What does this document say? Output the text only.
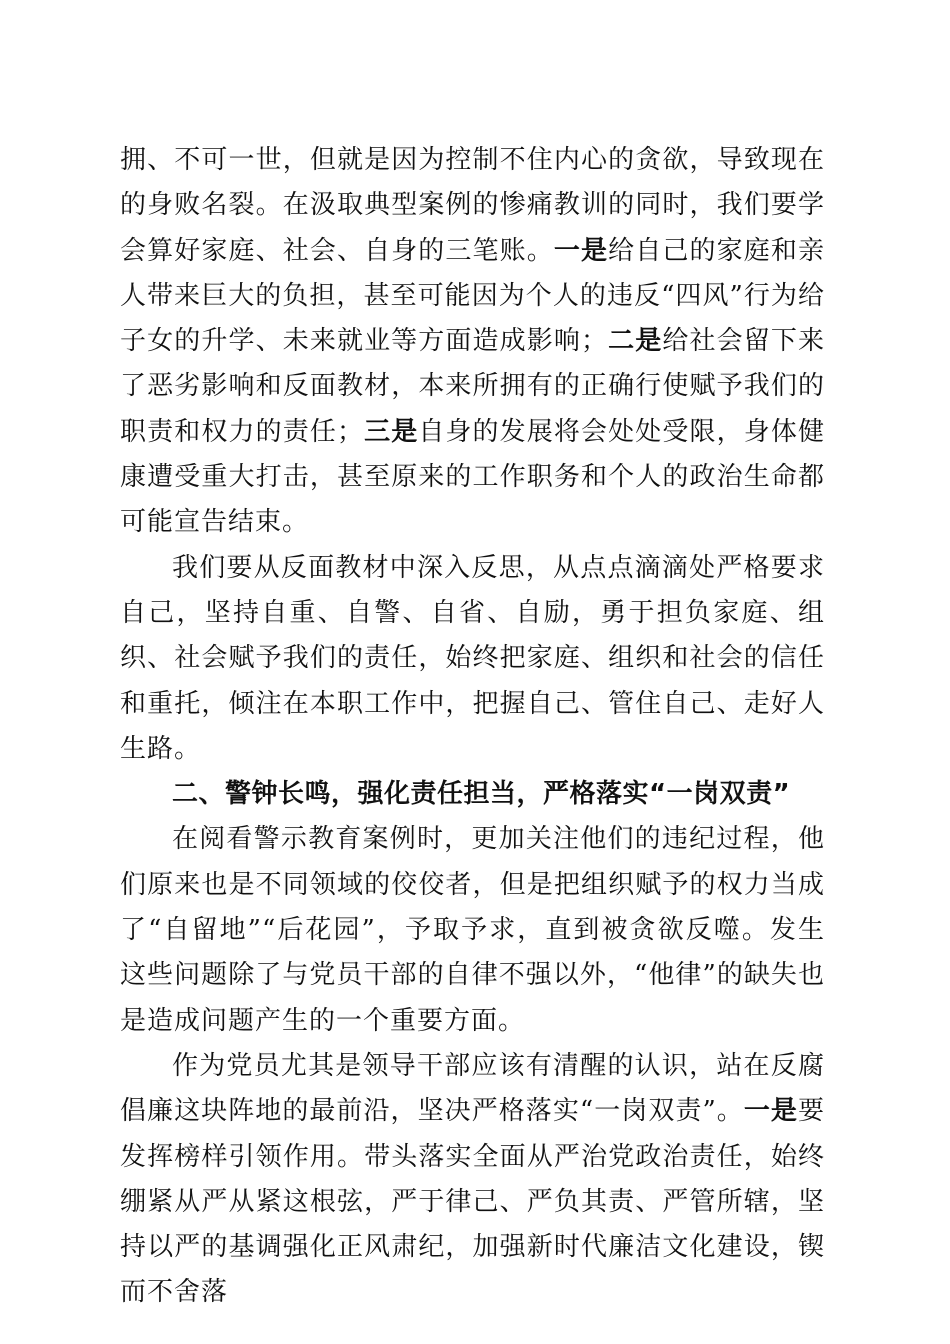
拥、不可一世，但就是因为控制不住内心的贪欲，导致现在的身败名裂。在汲取典型案例的惨痛教训的同时，我们要学会算好家庭、社会、自身的三笔账。一是给自己的家庭和亲人带来巨大的负担，甚至可能因为个人的违反“四风”行为给子女的升学、未来就业等方面造成影响；二是给社会留下来了恶劣影响和反面教材，本来所拥有的正确行使赋予我们的职责和权力的责任；三是自身的发展将会处处受限，身体健康遭受重大打击，甚至原来的工作职务和个人的政治生命都可能宣告结束。

我们要从反面教材中深入反思，从点点滴滴处严格要求自己，坚持自重、自警、自省、自励，勇于担负家庭、组织、社会赋予我们的责任，始终把家庭、组织和社会的信任和重托，倾注在本职工作中，把握自己、管住自己、走好人生路。

二、警钟长鸣，强化责任担当，严格落实“一岗双责”

在阅看警示教育案例时，更加关注他们的违纪过程，他们原来也是不同领域的佼佼者，但是把组织赋予的权力当成了“自留地”“后花园”，予取予求，直到被贪欲反噬。发生这些问题除了与党员干部的自律不强以外，“他律”的缺失也是造成问题产生的一个重要方面。

作为党员尤其是领导干部应该有清醒的认识，站在反腐倡廉这块阵地的最前沿，坚决严格落实“一岗双责”。一是要发挥榜样引领作用。带头落实全面从严治党政治责任，始终绷紧从严从紧这根弦，严于律己、严负其责、严管所辖，坚持以严的基调强化正风肃纪，加强新时代廉洁文化建设，锲而不舍落
